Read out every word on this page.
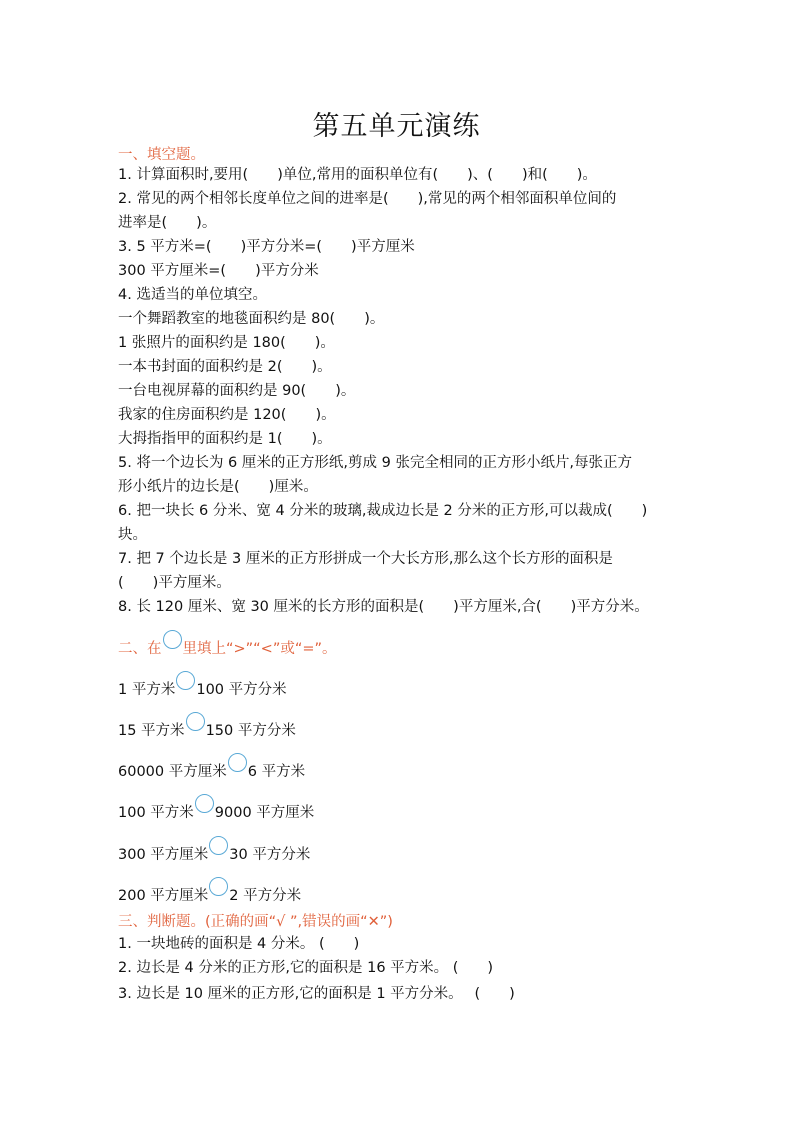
第五单元演练
一、填空题。
1. 计算面积时,要用(　　)单位,常用的面积单位有(　　)、(　　)和(　　)。
2. 常见的两个相邻长度单位之间的进率是(　　),常见的两个相邻面积单位间的
进率是(　　)。
3. 5 平方米=(　　)平方分米=(　　)平方厘米
300 平方厘米=(　　)平方分米
4. 选适当的单位填空。
一个舞蹈教室的地毯面积约是 80(　　)。
1 张照片的面积约是 180(　　)。
一本书封面的面积约是 2(　　)。
一台电视屏幕的面积约是 90(　　)。
我家的住房面积约是 120(　　)。
大拇指指甲的面积约是 1(　　)。
5. 将一个边长为 6 厘米的正方形纸,剪成 9 张完全相同的正方形小纸片,每张正方
形小纸片的边长是(　　)厘米。
6. 把一块长 6 分米、宽 4 分米的玻璃,裁成边长是 2 分米的正方形,可以裁成(　　)
块。
7. 把 7 个边长是 3 厘米的正方形拼成一个大长方形,那么这个长方形的面积是
(　　)平方厘米。
8. 长 120 厘米、宽 30 厘米的长方形的面积是(　　)平方厘米,合(　　)平方分米。
二、在 里填上“>”“<”或“=”。
1 平方米 100 平方分米
15 平方米 150 平方分米
60000 平方厘米 6 平方米
100 平方米 9000 平方厘米
300 平方厘米 30 平方分米
200 平方厘米 2 平方分米
三、判断题。(正确的画“√ ”,错误的画“✕”)
1. 一块地砖的面积是 4 分米。 (　　)
2. 边长是 4 分米的正方形,它的面积是 16 平方米。 (　　)
3. 边长是 10 厘米的正方形,它的面积是 1 平方分米。　 (　　)
